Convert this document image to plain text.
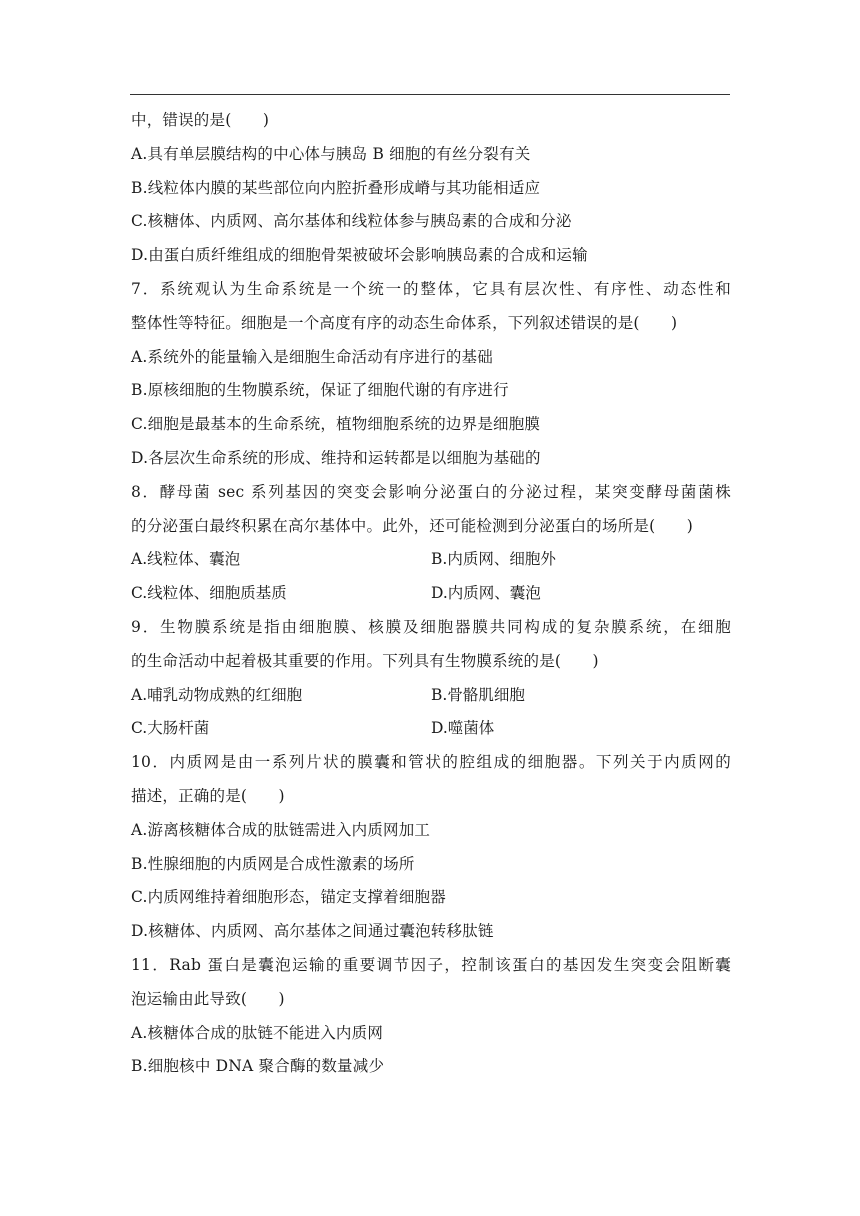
中，错误的是(　　)
A.具有单层膜结构的中心体与胰岛 B 细胞的有丝分裂有关
B.线粒体内膜的某些部位向内腔折叠形成嵴与其功能相适应
C.核糖体、内质网、高尔基体和线粒体参与胰岛素的合成和分泌
D.由蛋白质纤维组成的细胞骨架被破坏会影响胰岛素的合成和运输
7．系统观认为生命系统是一个统一的整体，它具有层次性、有序性、动态性和
整体性等特征。细胞是一个高度有序的动态生命体系，下列叙述错误的是(　　)
A.系统外的能量输入是细胞生命活动有序进行的基础
B.原核细胞的生物膜系统，保证了细胞代谢的有序进行
C.细胞是最基本的生命系统，植物细胞系统的边界是细胞膜
D.各层次生命系统的形成、维持和运转都是以细胞为基础的
8．酵母菌 sec 系列基因的突变会影响分泌蛋白的分泌过程，某突变酵母菌菌株
的分泌蛋白最终积累在高尔基体中。此外，还可能检测到分泌蛋白的场所是(　　)
A.线粒体、囊泡	B.内质网、细胞外
C.线粒体、细胞质基质	D.内质网、囊泡
9．生物膜系统是指由细胞膜、核膜及细胞器膜共同构成的复杂膜系统，在细胞
的生命活动中起着极其重要的作用。下列具有生物膜系统的是(　　)
A.哺乳动物成熟的红细胞	B.骨骼肌细胞
C.大肠杆菌	D.噬菌体
10．内质网是由一系列片状的膜囊和管状的腔组成的细胞器。下列关于内质网的
描述，正确的是(　　)
A.游离核糖体合成的肽链需进入内质网加工
B.性腺细胞的内质网是合成性激素的场所
C.内质网维持着细胞形态，锚定支撑着细胞器
D.核糖体、内质网、高尔基体之间通过囊泡转移肽链
11．Rab 蛋白是囊泡运输的重要调节因子，控制该蛋白的基因发生突变会阻断囊
泡运输由此导致(　　)
A.核糖体合成的肽链不能进入内质网
B.细胞核中 DNA 聚合酶的数量减少
